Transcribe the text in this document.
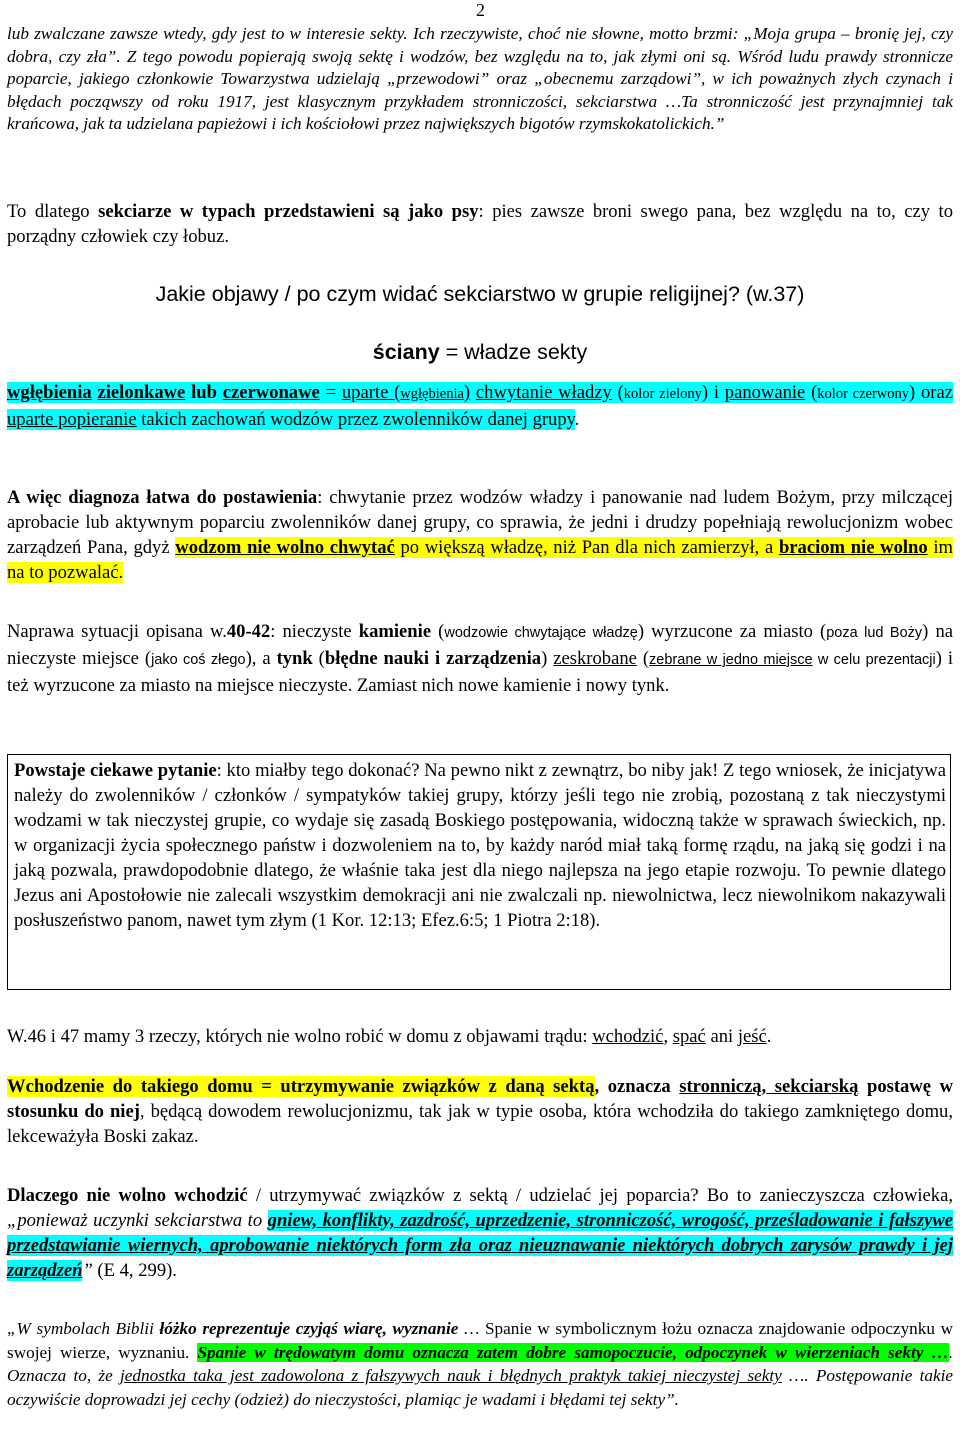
2
lub zwalczane zawsze wtedy, gdy jest to w interesie sekty. Ich rzeczywiste, choć nie słowne, motto brzmi: „Moja grupa – bronię jej, czy dobra, czy zła”. Z tego powodu popierają swoją sektę i wodzów, bez względu na to, jak złymi oni są. Wśród ludu prawdy stronnicze poparcie, jakiego członkowie Towarzystwa udzielają „przewodowi” oraz „obecnemu zarządowi”, w ich poważnych złych czynach i błędach począwszy od roku 1917, jest klasycznym przykładem stronniczości, sekciarstwa …Ta stronniczość jest przynajmniej tak krańcowa, jak ta udzielana papieżowi i ich kościołowi przez największych bigotów rzymskokatolickich.”
To dlatego sekciarze w typach przedstawieni są jako psy: pies zawsze broni swego pana, bez względu na to, czy to porządny człowiek czy łobuz.
Jakie objawy / po czym widać sekciarstwo w grupie religijnej? (w.37)
ściany = władze sekty
wgłębienia zielonkawe lub czerwonawe = uparte (wgłębienia) chwytanie władzy (kolor zielony) i panowanie (kolor czerwony) oraz uparte popieranie takich zachowań wodzów przez zwolenników danej grupy.
A więc diagnoza łatwa do postawienia: chwytanie przez wodzów władzy i panowanie nad ludem Bożym, przy milczącej aprobacie lub aktywnym poparciu zwolenników danej grupy, co sprawia, że jedni i drudzy popełniają rewolucjonizm wobec zarządzeń Pana, gdyż wodzom nie wolno chwytać po większą władzę, niż Pan dla nich zamierzył, a braciom nie wolno im na to pozwalać.
Naprawa sytuacji opisana w.40-42: nieczyste kamienie (wodzowie chwytające władzę) wyrzucone za miasto (poza lud Boży) na nieczyste miejsce (jako coś złego), a tynk (błędne nauki i zarządzenia) zeskrobane (zebrane w jedno miejsce w celu prezentacji) i też wyrzucone za miasto na miejsce nieczyste. Zamiast nich nowe kamienie i nowy tynk.
Powstaje ciekawe pytanie: kto miałby tego dokonać? Na pewno nikt z zewnątrz, bo niby jak! Z tego wniosek, że inicjatywa należy do zwolenników / członków / sympatyków takiej grupy, którzy jeśli tego nie zrobią, pozostaną z tak nieczystymi wodzami w tak nieczystej grupie, co wydaje się zasadą Boskiego postępowania, widoczną także w sprawach świeckich, np. w organizacji życia społecznego państw i dozwoleniem na to, by każdy naród miał taką formę rządu, na jaką się godzi i na jaką pozwala, prawdopodobnie dlatego, że właśnie taka jest dla niego najlepsza na jego etapie rozwoju. To pewnie dlatego Jezus ani Apostołowie nie zalecali wszystkim demokracji ani nie zwalczali np. niewolnictwa, lecz niewolnikom nakazywali posłuszeństwo panom, nawet tym złym (1 Kor. 12:13; Efez.6:5; 1 Piotra 2:18).
W.46 i 47 mamy 3 rzeczy, których nie wolno robić w domu z objawami trądu: wchodzić, spać ani jeść.
Wchodzenie do takiego domu = utrzymywanie związków z daną sektą, oznacza stronniczą, sekciarską postawę w stosunku do niej, będącą dowodem rewolucjonizmu, tak jak w typie osoba, która wchodziła do takiego zamkniętego domu, lekceważyła Boski zakaz.
Dlaczego nie wolno wchodzić / utrzymywać związków z sektą / udzielać jej poparcia? Bo to zanieczyszcza człowieka, „ponieważ uczynki sekciarstwa to gniew, konflikty, zazdrość, uprzedzenie, stronniczość, wrogość, prześladowanie i fałszywe przedstawianie wiernych, aprobowanie niektórych form zła oraz nieuznawanie niektórych dobrych zarysów prawdy i jej zarządzeń” (E 4, 299).
„W symbolach Biblii łóżko reprezentuje czyjąś wiarę, wyznanie … Spanie w symbolicznym łożu oznacza znajdowanie odpoczynku w swojej wierze, wyznaniu. Spanie w trędowatym domu oznacza zatem dobre samopoczucie, odpoczynek w wierzeniach sekty …. Oznacza to, że jednostka taka jest zadowolona z fałszywych nauk i błędnych praktyk takiej nieczystej sekty …. Postępowanie takie oczywiście doprowadzi jej cechy (odzież) do nieczystości, plamiąc je wadami i błędami tej sekty”.
